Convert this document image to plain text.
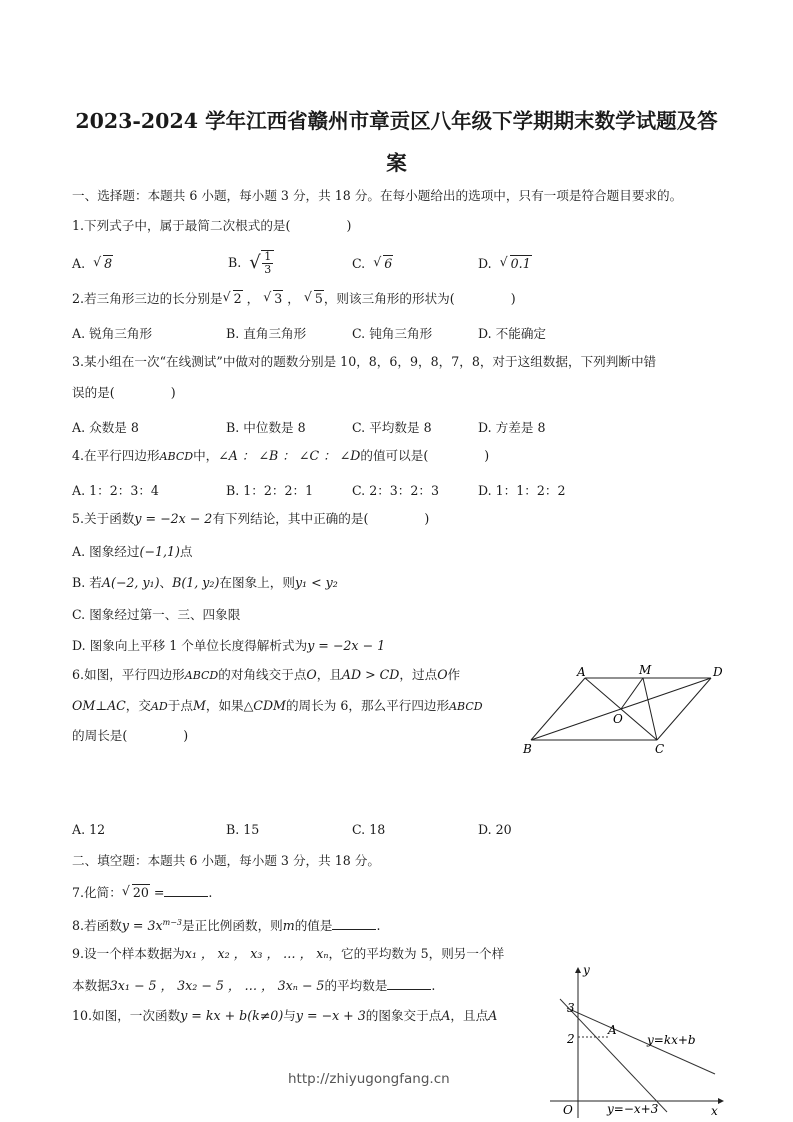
2023-2024 学年江西省赣州市章贡区八年级下学期期末数学试题及答
案
一、选择题：本题共 6 小题，每小题 3 分，共 18 分。在每小题给出的选项中，只有一项是符合题目要求的。
1.下列式子中，属于最简二次根式的是(	)
A. √ 8	B. √ $\frac{1}{3}$	C. √ 6	D. √ 0.1
2.若三角形三边的长分别是 √ 2 ， √ 3 ， √ 5，则该三角形的形状为(	)
A. 锐角三角形	B. 直角三角形	C. 钝角三角形	D. 不能确定
3.某小组在一次“在线测试”中做对的题数分别是 10，8，6，9，8，7，8，对于这组数据，下列判断中错
误的是(	)
A. 众数是 8	B. 中位数是 8	C. 平均数是 8	D. 方差是 8
4.在平行四边形ABCD中，∠A ： ∠B ： ∠C ： ∠D的值可以是(	)
A. 1：2：3：4	B. 1：2：2：1	C. 2：3：2：3	D. 1：1：2：2
5.关于函数y = −2x − 2有下列结论，其中正确的是(	)
A. 图象经过(−1,1)点
B. 若A(−2, y₁)、B(1, y₂)在图象上，则y₁ < y₂
C. 图象经过第一、三、四象限
D. 图象向上平移 1 个单位长度得解析式为y = −2x − 1
6.如图，平行四边形ABCD的对角线交于点O，且AD > CD，过点O作
OM⊥AC，交AD于点M，如果△CDM的周长为 6，那么平行四边形ABCD
的周长是(	)
A	M	D
O
B	C
A. 12	B. 15	C. 18	D. 20
二、填空题：本题共 6 小题，每小题 3 分，共 18 分。
7.化简： √ 20 =	.
8.若函数$y = 3x^{m-3}$是正比例函数，则m的值是	.
9.设一个样本数据为x₁ ， x₂ ， x₃ ， … ， xₙ，它的平均数为 5，则另一个样
本数据3x₁ − 5 ， 3x₂ − 5 ， … ， 3xₙ − 5的平均数是	.
10.如图，一次函数y = kx + b(k≠0)与y = −x + 3的图象交于点A，且点A
y
x
O
3
2
A
y=kx+b
y=−x+3
http://zhiyugongfang.cn
